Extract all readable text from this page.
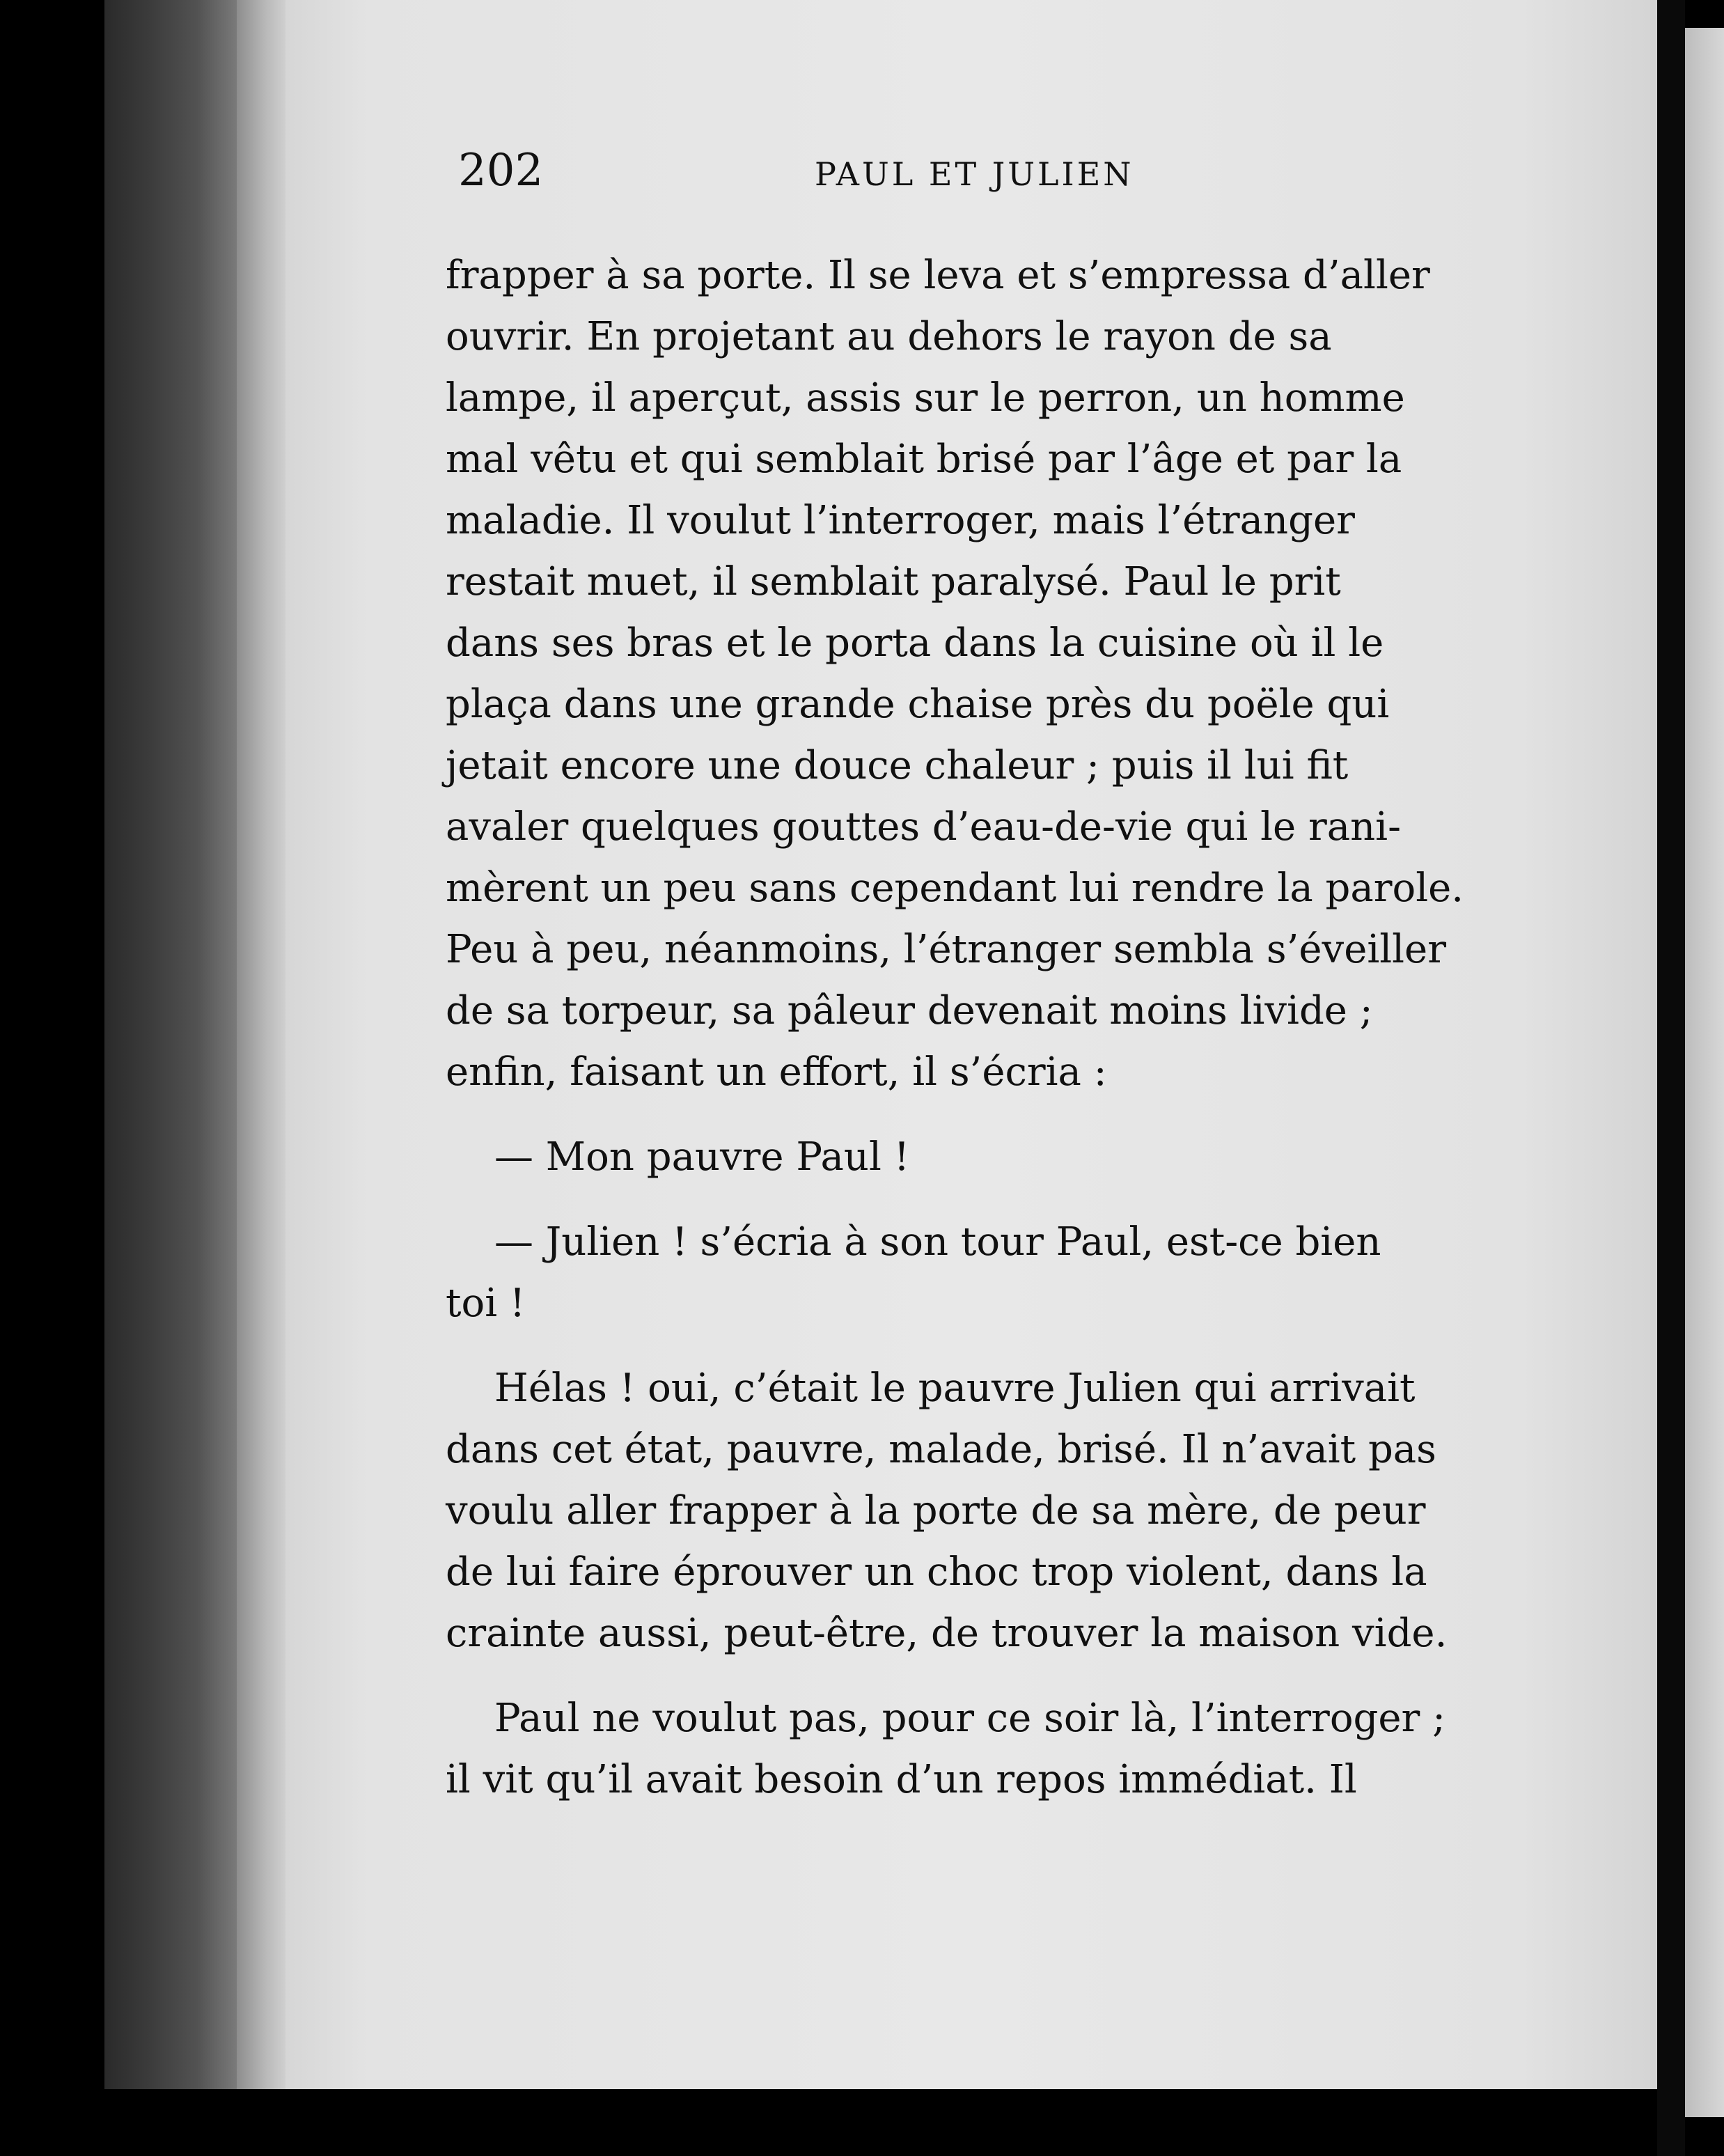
202	PAUL ET JULIEN
frapper à sa porte. Il se leva et s’empressa d’aller
ouvrir. En projetant au dehors le rayon de sa
lampe, il aperçut, assis sur le perron, un homme
mal vêtu et qui semblait brisé par l’âge et par la
maladie. Il voulut l’interroger, mais l’étranger
restait muet, il semblait paralysé. Paul le prit
dans ses bras et le porta dans la cuisine où il le
plaça dans une grande chaise près du poële qui
jetait encore une douce chaleur ; puis il lui fit
avaler quelques gouttes d’eau-de-vie qui le rani-
mèrent un peu sans cependant lui rendre la parole.
Peu à peu, néanmoins, l’étranger sembla s’éveiller
de sa torpeur, sa pâleur devenait moins livide ;
enfin, faisant un effort, il s’écria :
— Mon pauvre Paul !
— Julien ! s’écria à son tour Paul, est-ce bien
toi !
Hélas ! oui, c’était le pauvre Julien qui arrivait
dans cet état, pauvre, malade, brisé. Il n’avait pas
voulu aller frapper à la porte de sa mère, de peur
de lui faire éprouver un choc trop violent, dans la
crainte aussi, peut-être, de trouver la maison vide.
Paul ne voulut pas, pour ce soir là, l’interroger ;
il vit qu’il avait besoin d’un repos immédiat. Il
